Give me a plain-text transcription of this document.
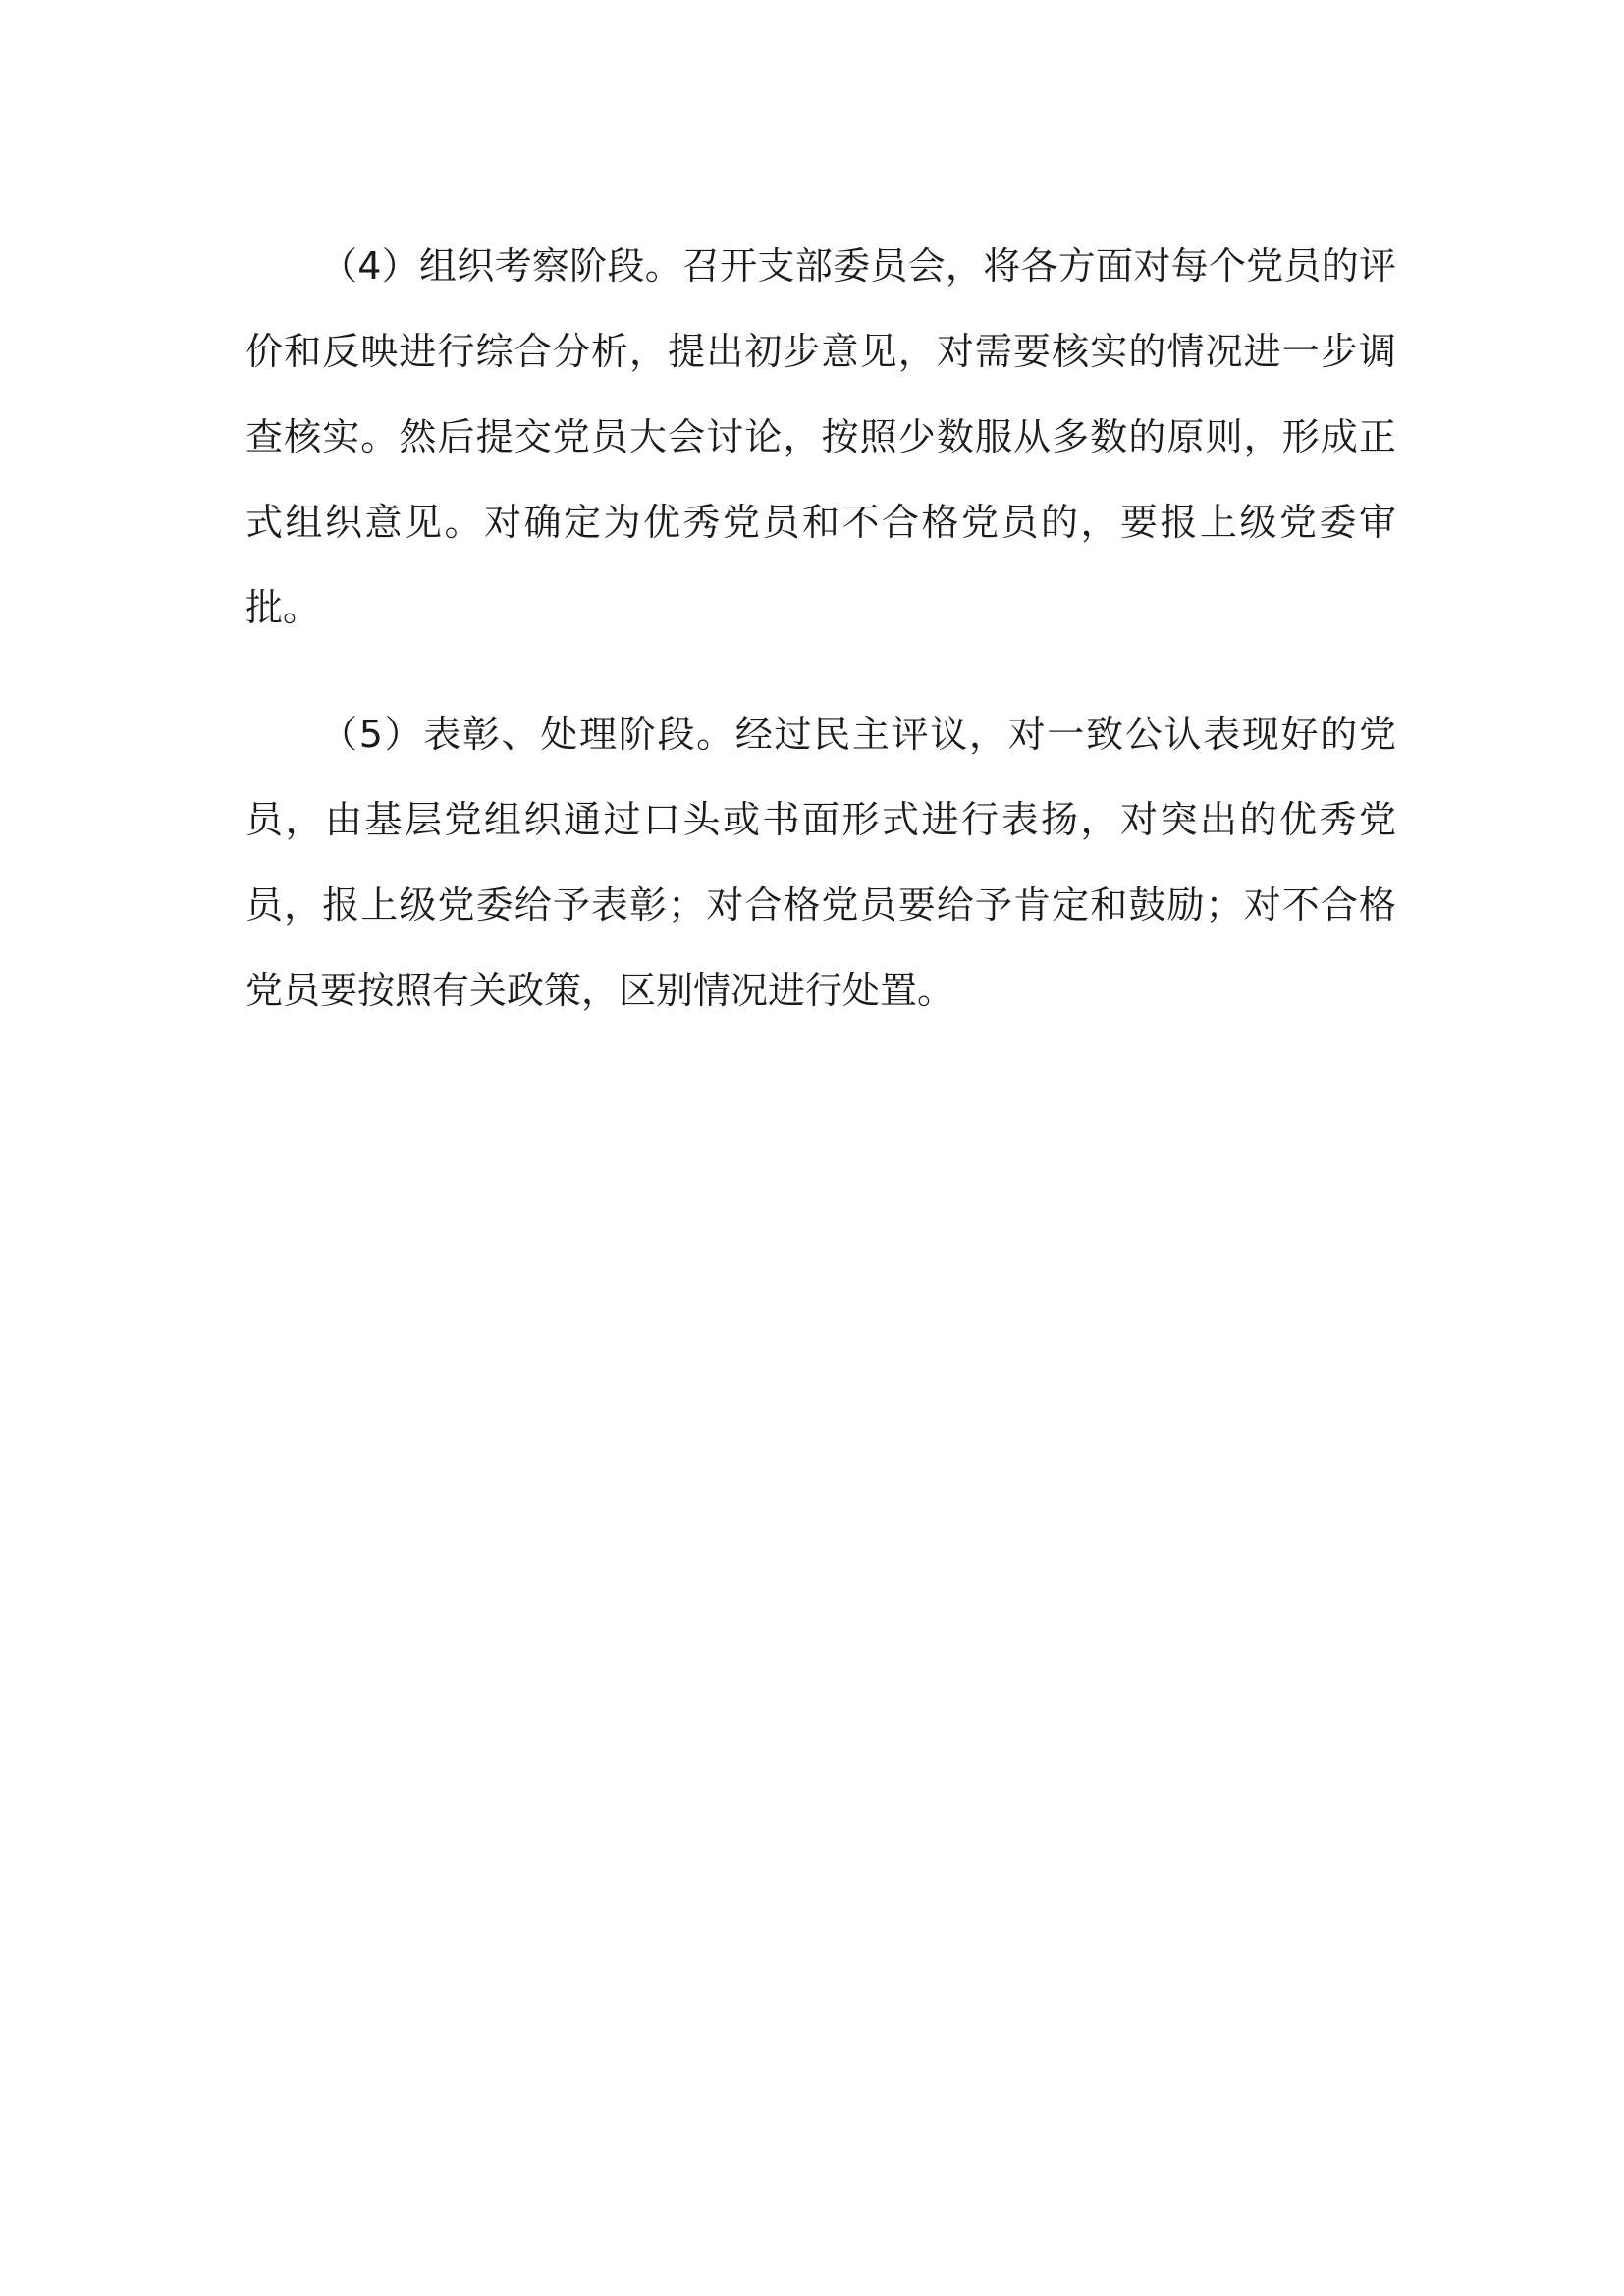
（4）组织考察阶段。召开支部委员会，将各方面对每个党员的评价和反映进行综合分析，提出初步意见，对需要核实的情况进一步调查核实。然后提交党员大会讨论，按照少数服从多数的原则，形成正式组织意见。对确定为优秀党员和不合格党员的，要报上级党委审批。

（5）表彰、处理阶段。经过民主评议，对一致公认表现好的党员，由基层党组织通过口头或书面形式进行表扬，对突出的优秀党员，报上级党委给予表彰；对合格党员要给予肯定和鼓励；对不合格党员要按照有关政策，区别情况进行处置。
